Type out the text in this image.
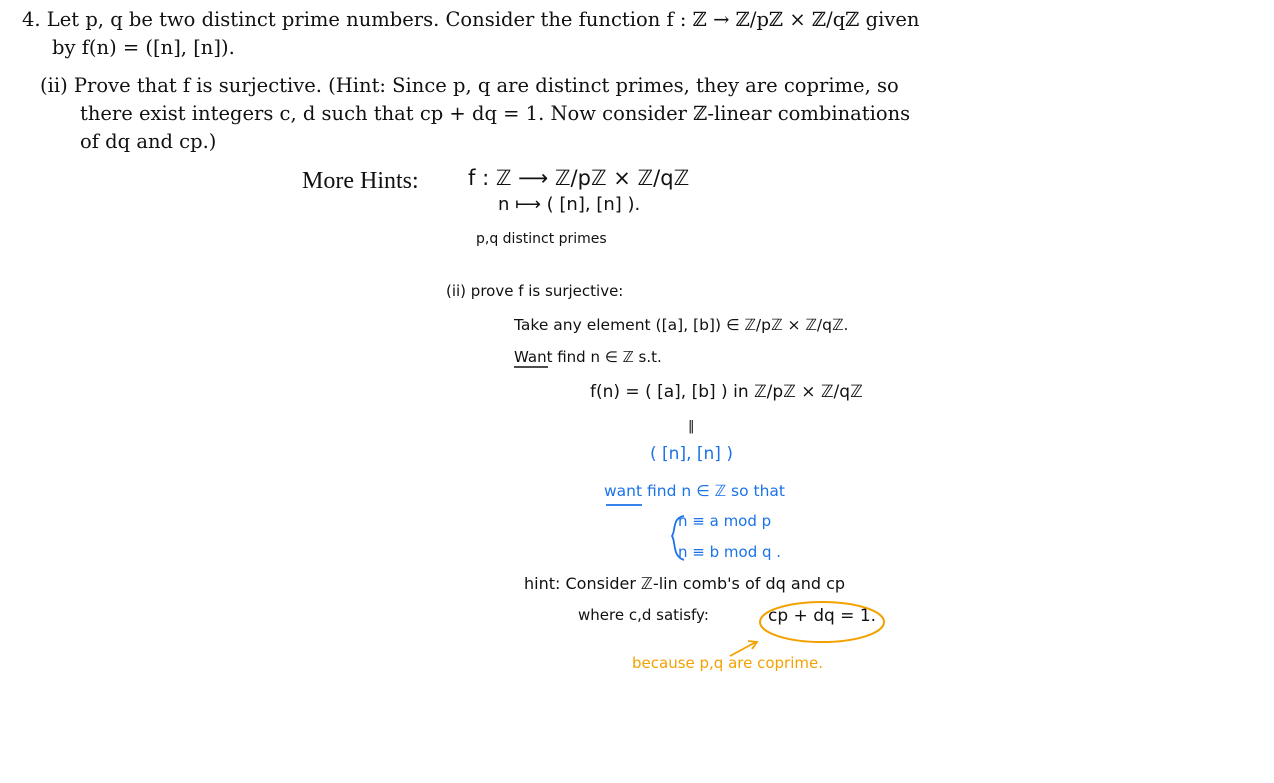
4. Let p, q be two distinct prime numbers. Consider the function f : ℤ → ℤ/pℤ × ℤ/qℤ given
by f(n) = ([n], [n]).
(ii) Prove that f is surjective. (Hint: Since p, q are distinct primes, they are coprime, so
there exist integers c, d such that cp + dq = 1. Now consider ℤ-linear combinations
of dq and cp.)
More Hints: f : ℤ ⟶ ℤ/pℤ × ℤ/qℤ
n ⟼ ( [n], [n] ).
p,q distinct primes
(ii) prove f is surjective:
Take any element ([a], [b]) ∈ ℤ/pℤ × ℤ/qℤ.
Want find n ∈ ℤ s.t.
f(n) = ( [a], [b] ) in ℤ/pℤ × ℤ/qℤ
‖
( [n], [n] )
want find n ∈ ℤ so that
n ≡ a mod p
n ≡ b mod q .
hint: Consider ℤ-lin comb's of dq and cp
where c,d satisfy:	cp + dq = 1.
because p,q are coprime.
